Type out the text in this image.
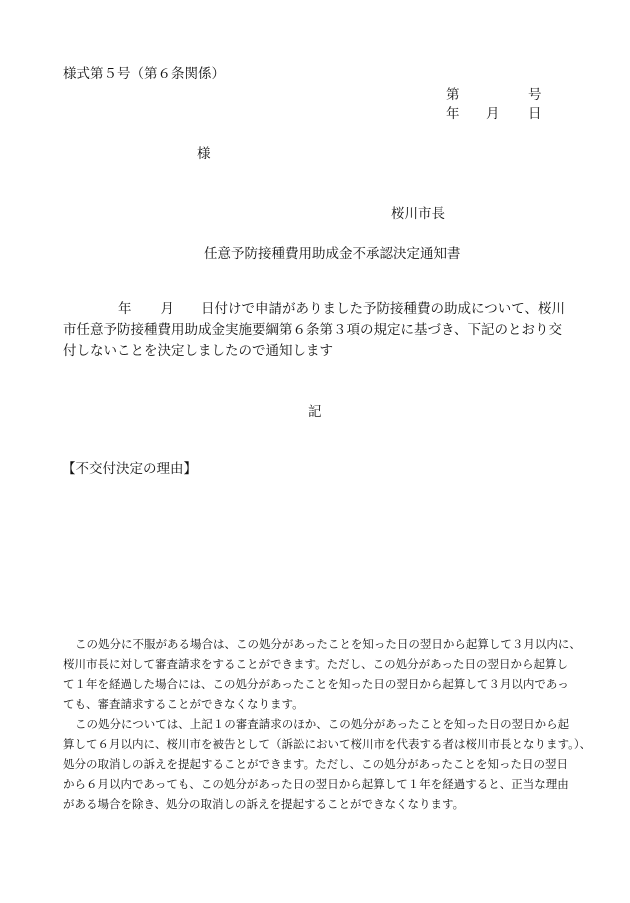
様式第５号（第６条関係）
第	号
年 月 日
様
桜川市長
任意予防接種費用助成金不承認決定通知書
年 月 日付けで申請がありました予防接種費の助成について、桜川
市任意予防接種費用助成金実施要綱第６条第３項の規定に基づき、下記のとおり交
付しないことを決定しましたので通知します
記
【不交付決定の理由】
この処分に不服がある場合は、この処分があったことを知った日の翌日から起算して３月以内に、
桜川市長に対して審査請求をすることができます。ただし、この処分があった日の翌日から起算し
て１年を経過した場合には、この処分があったことを知った日の翌日から起算して３月以内であっ
ても、審査請求することができなくなります。
この処分については、上記１の審査請求のほか、この処分があったことを知った日の翌日から起
算して６月以内に、桜川市を被告として（訴訟において桜川市を代表する者は桜川市長となります。）、
処分の取消しの訴えを提起することができます。ただし、この処分があったことを知った日の翌日
から６月以内であっても、この処分があった日の翌日から起算して１年を経過すると、正当な理由
がある場合を除き、処分の取消しの訴えを提起することができなくなります。
